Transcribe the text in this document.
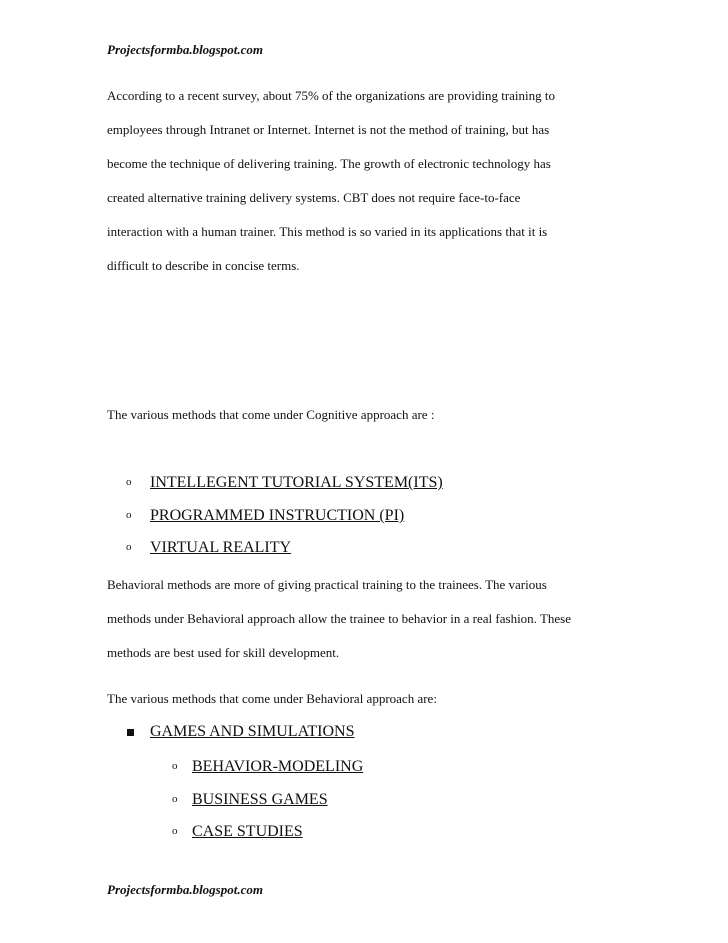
Projectsformba.blogspot.com
According to a recent survey, about 75% of the organizations are providing training to
employees through Intranet or Internet. Internet is not the method of training, but has
become the technique of delivering training. The growth of electronic technology has
created alternative training delivery systems. CBT does not require face-to-face
interaction with a human trainer. This method is so varied in its applications that it is
difficult to describe in concise terms.
The various methods that come under Cognitive approach are :
o INTELLEGENT TUTORIAL SYSTEM(ITS)
o PROGRAMMED INSTRUCTION (PI)
o VIRTUAL REALITY
Behavioral methods are more of giving practical training to the trainees. The various
methods under Behavioral approach allow the trainee to behavior in a real fashion. These
methods are best used for skill development.
The various methods that come under Behavioral approach are:
GAMES AND SIMULATIONS
o BEHAVIOR-MODELING
o BUSINESS GAMES
o CASE STUDIES
Projectsformba.blogspot.com
